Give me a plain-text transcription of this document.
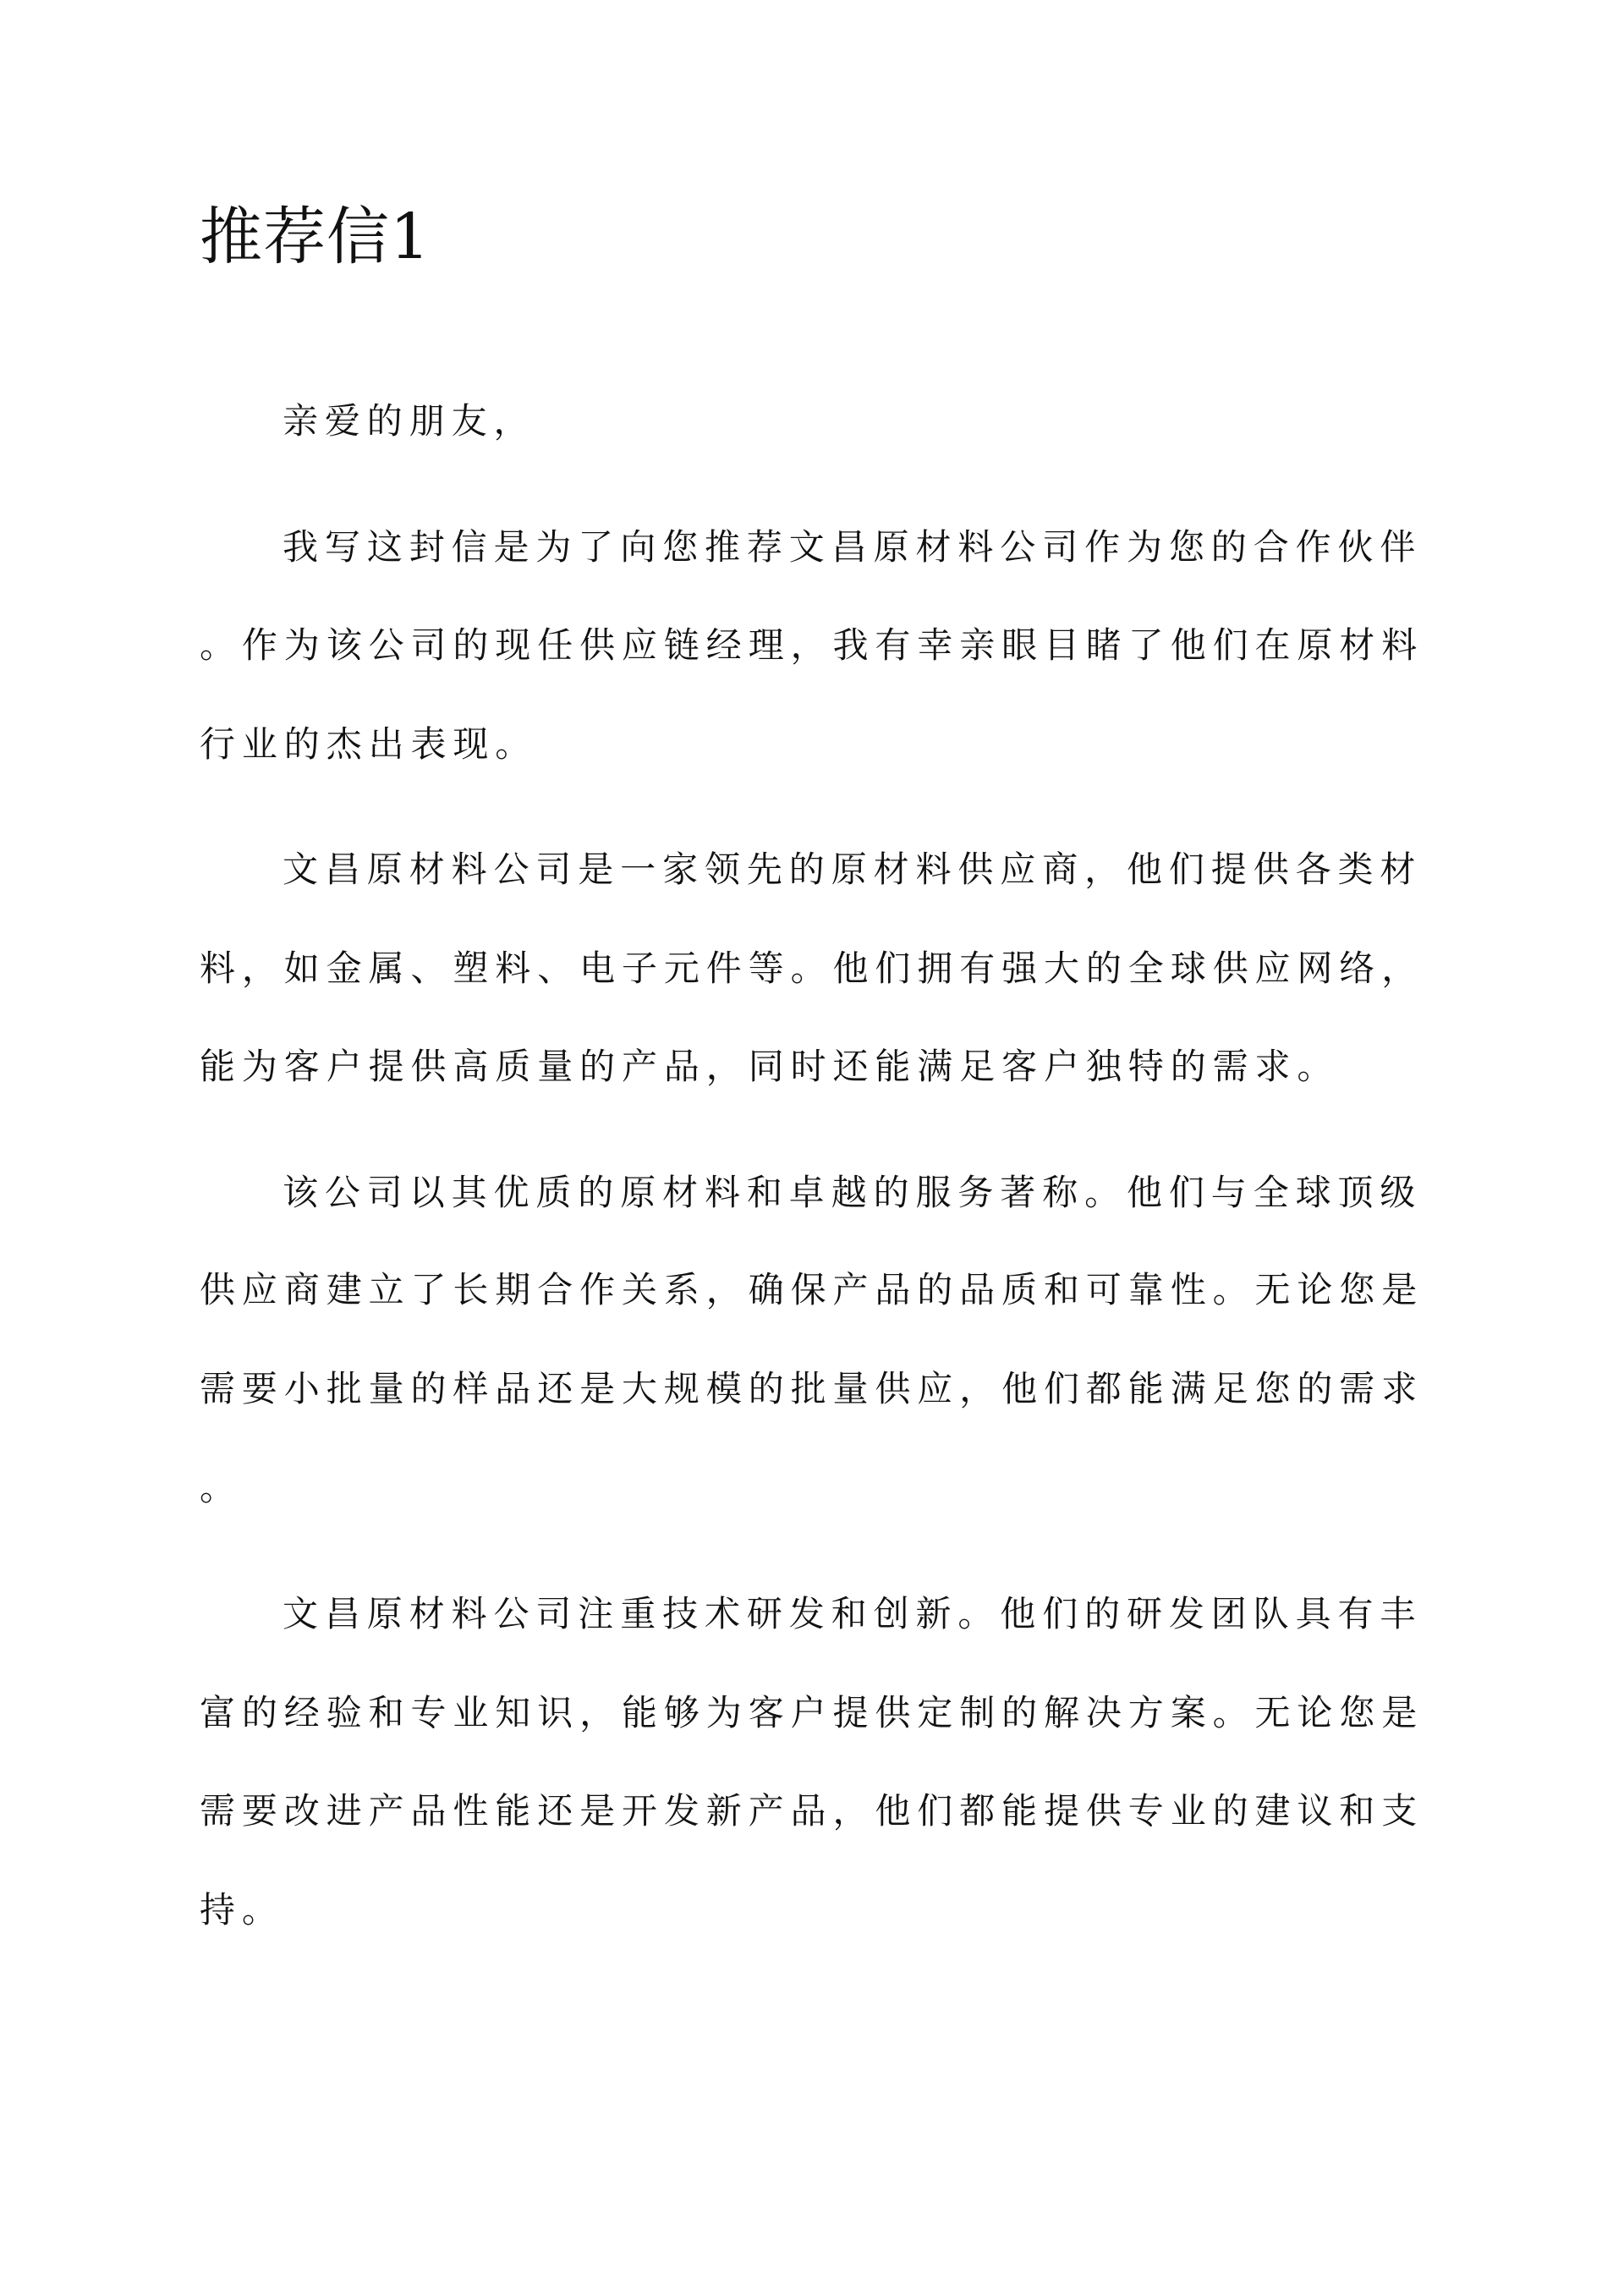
推荐信1

亲爱的朋友，

我写这封信是为了向您推荐文昌原材料公司作为您的合作伙伴

。作为该公司的现任供应链经理，我有幸亲眼目睹了他们在原材料

行业的杰出表现。

文昌原材料公司是一家领先的原材料供应商，他们提供各类材

料，如金属、塑料、电子元件等。他们拥有强大的全球供应网络，

能为客户提供高质量的产品，同时还能满足客户独特的需求。

该公司以其优质的原材料和卓越的服务著称。他们与全球顶级

供应商建立了长期合作关系，确保产品的品质和可靠性。无论您是

需要小批量的样品还是大规模的批量供应，他们都能满足您的需求

。

文昌原材料公司注重技术研发和创新。他们的研发团队具有丰

富的经验和专业知识，能够为客户提供定制的解决方案。无论您是

需要改进产品性能还是开发新产品，他们都能提供专业的建议和支

持。
